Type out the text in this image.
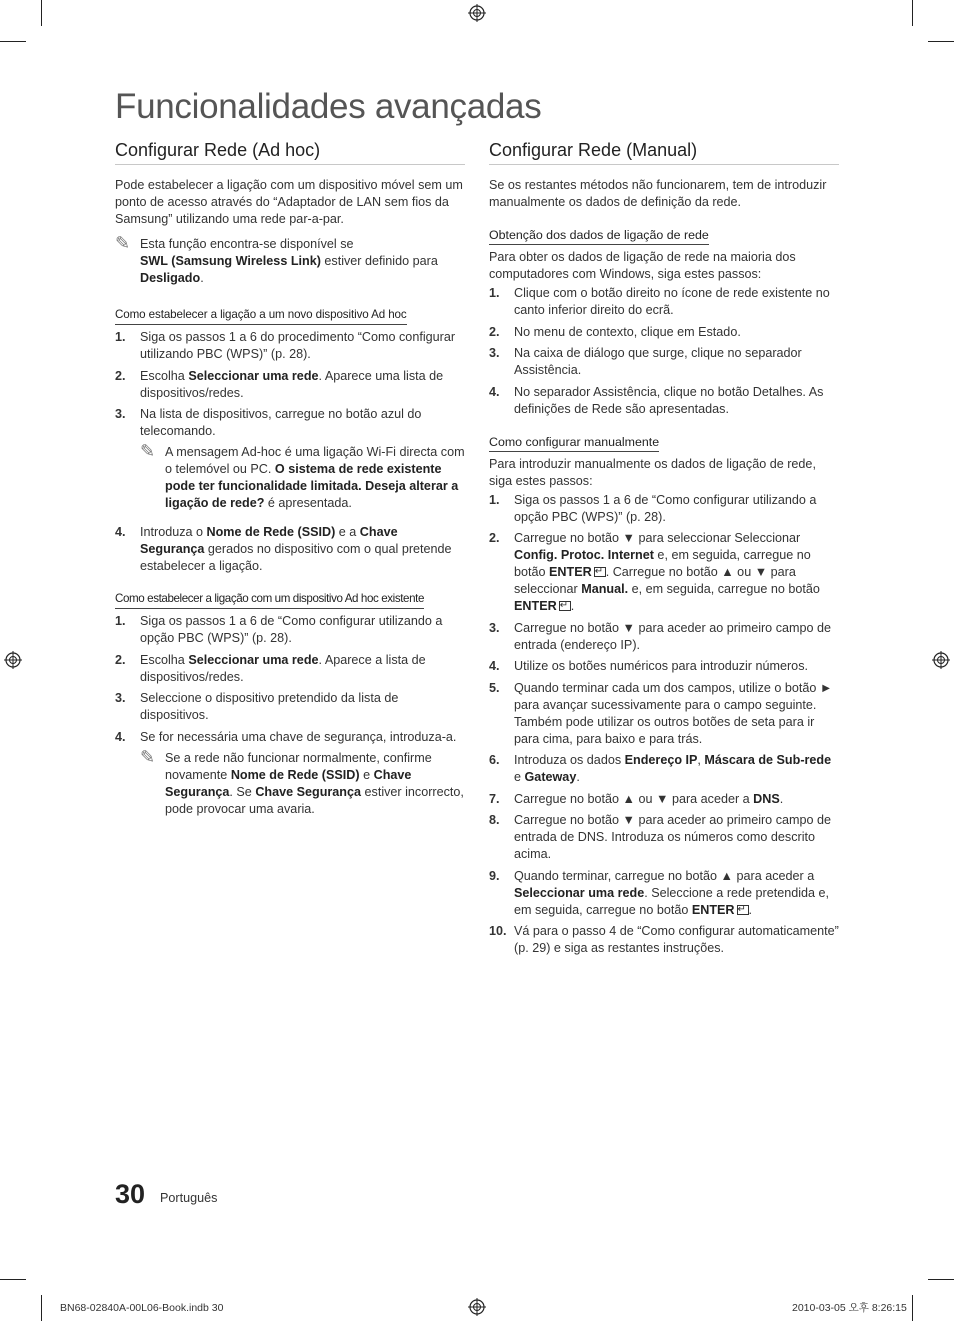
Funcionalidades avançadas
Configurar Rede (Ad hoc)

Pode estabelecer a ligação com um dispositivo móvel sem um ponto de acesso através do “Adaptador de LAN sem fios da Samsung” utilizando uma rede par-a-par.

✎ Esta função encontra-se disponível se
SWL (Samsung Wireless Link) estiver definido para Desligado.
Como estabelecer a ligação a um novo dispositivo Ad hoc
1. Siga os passos 1 a 6 do procedimento “Como configurar utilizando PBC (WPS)” (p. 28).
2. Escolha Seleccionar uma rede. Aparece uma lista de dispositivos/redes.
3. Na lista de dispositivos, carregue no botão azul do telecomando.
✎ A mensagem Ad-hoc é uma ligação Wi-Fi directa com o telemóvel ou PC. O sistema de rede existente pode ter funcionalidade limitada. Deseja alterar a ligação de rede? é apresentada.
4. Introduza o Nome de Rede (SSID) e a Chave Segurança gerados no dispositivo com o qual pretende estabelecer a ligação.
Como estabelecer a ligação com um dispositivo Ad hoc existente
1. Siga os passos 1 a 6 de “Como configurar utilizando a opção PBC (WPS)” (p. 28).
2. Escolha Seleccionar uma rede. Aparece a lista de dispositivos/redes.
3. Seleccione o dispositivo pretendido da lista de dispositivos.
4. Se for necessária uma chave de segurança, introduza-a.
✎ Se a rede não funcionar normalmente, confirme novamente Nome de Rede (SSID) e Chave Segurança. Se Chave Segurança estiver incorrecto, pode provocar uma avaria.
Configurar Rede (Manual)

Se os restantes métodos não funcionarem, tem de introduzir manualmente os dados de definição da rede.

Obtenção dos dados de ligação de rede

Para obter os dados de ligação de rede na maioria dos computadores com Windows, siga estes passos:

1. Clique com o botão direito no ícone de rede existente no canto inferior direito do ecrã.
2. No menu de contexto, clique em Estado.
3. Na caixa de diálogo que surge, clique no separador Assistência.
4. No separador Assistência, clique no botão Detalhes. As definições de Rede são apresentadas.
Como configurar manualmente

Para introduzir manualmente os dados de ligação de rede, siga estes passos:

1. Siga os passos 1 a 6 de “Como configurar utilizando a opção PBC (WPS)” (p. 28).
2. Carregue no botão ▼ para seleccionar Seleccionar Config. Protoc. Internet e, em seguida, carregue no botão ENTER ↵ . Carregue no botão ▲ ou ▼ para seleccionar Manual. e, em seguida, carregue no botão ENTER ↵ .
3. Carregue no botão ▼ para aceder ao primeiro campo de entrada (endereço IP).
4. Utilize os botões numéricos para introduzir números.
5. Quando terminar cada um dos campos, utilize o botão ► para avançar sucessivamente para o campo seguinte. Também pode utilizar os outros botões de seta para ir para cima, para baixo e para trás.
6. Introduza os dados Endereço IP, Máscara de Sub-rede e Gateway.
7. Carregue no botão ▲ ou ▼ para aceder a DNS.
8. Carregue no botão ▼ para aceder ao primeiro campo de entrada de DNS. Introduza os números como descrito acima.
9. Quando terminar, carregue no botão ▲ para aceder a Seleccionar uma rede. Seleccione a rede pretendida e, em seguida, carregue no botão ENTER ↵ .
10. Vá para o passo 4 de “Como configurar automaticamente” (p. 29) e siga as restantes instruções.
30 Português
BN68-02840A-00L06-Book.indb 30	2010-03-05 오후 8:26:15
